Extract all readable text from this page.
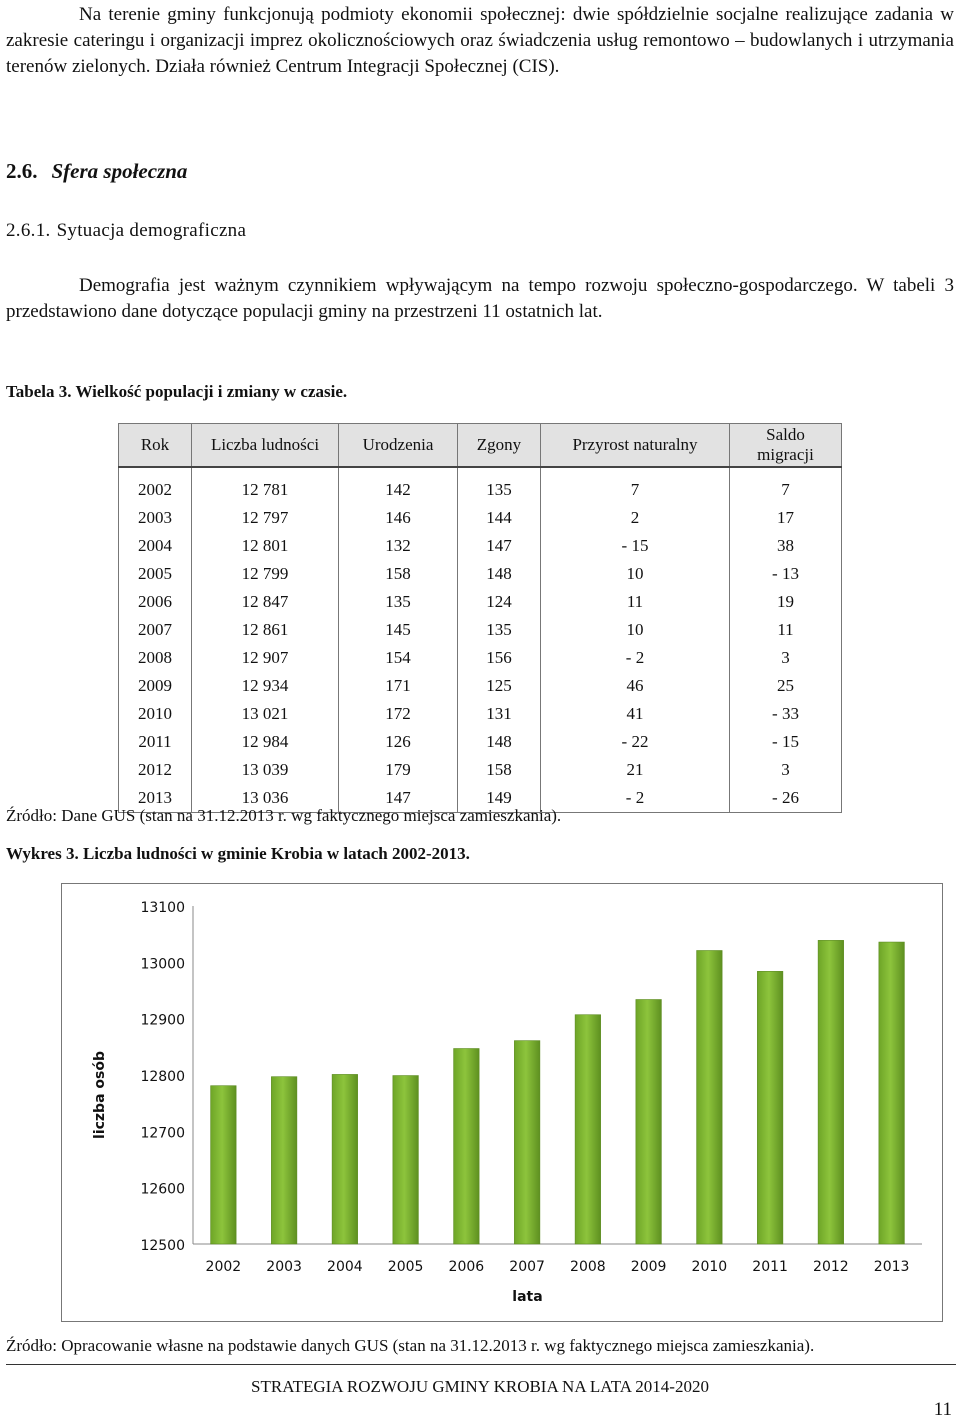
Na terenie gminy funkcjonują podmioty ekonomii społecznej: dwie spółdzielnie socjalne realizujące zadania w zakresie cateringu i organizacji imprez okolicznościowych oraz świadczenia usług remontowo – budowlanych i utrzymania terenów zielonych. Działa również Centrum Integracji Społecznej (CIS).
2.6. Sfera społeczna
2.6.1. Sytuacja demograficzna
Demografia jest ważnym czynnikiem wpływającym na tempo rozwoju społeczno-gospodarczego. W tabeli 3 przedstawiono dane dotyczące populacji gminy na przestrzeni 11 ostatnich lat.
Tabela 3. Wielkość populacji i zmiany w czasie.
Rok	Liczba ludności	Urodzenia	Zgony	Przyrost naturalny	Saldo migracji
2002	12 781	142	135	7	7
2003	12 797	146	144	2	17
2004	12 801	132	147	- 15	38
2005	12 799	158	148	10	- 13
2006	12 847	135	124	11	19
2007	12 861	145	135	10	11
2008	12 907	154	156	- 2	3
2009	12 934	171	125	46	25
2010	13 021	172	131	41	- 33
2011	12 984	126	148	- 22	- 15
2012	13 039	179	158	21	3
2013	13 036	147	149	- 2	- 26
Źródło: Dane GUS (stan na 31.12.2013 r. wg faktycznego miejsca zamieszkania).
Wykres 3. Liczba ludności w gminie Krobia w latach 2002-2013.
12500
12600
12700
12800
12900
13000
13100
2002 2003 2004 2005 2006 2007 2008 2009 2010 2011 2012 2013
lata
liczba osób
Źródło: Opracowanie własne na podstawie danych GUS (stan na 31.12.2013 r. wg faktycznego miejsca zamieszkania).
STRATEGIA ROZWOJU GMINY KROBIA NA LATA 2014-2020
11
